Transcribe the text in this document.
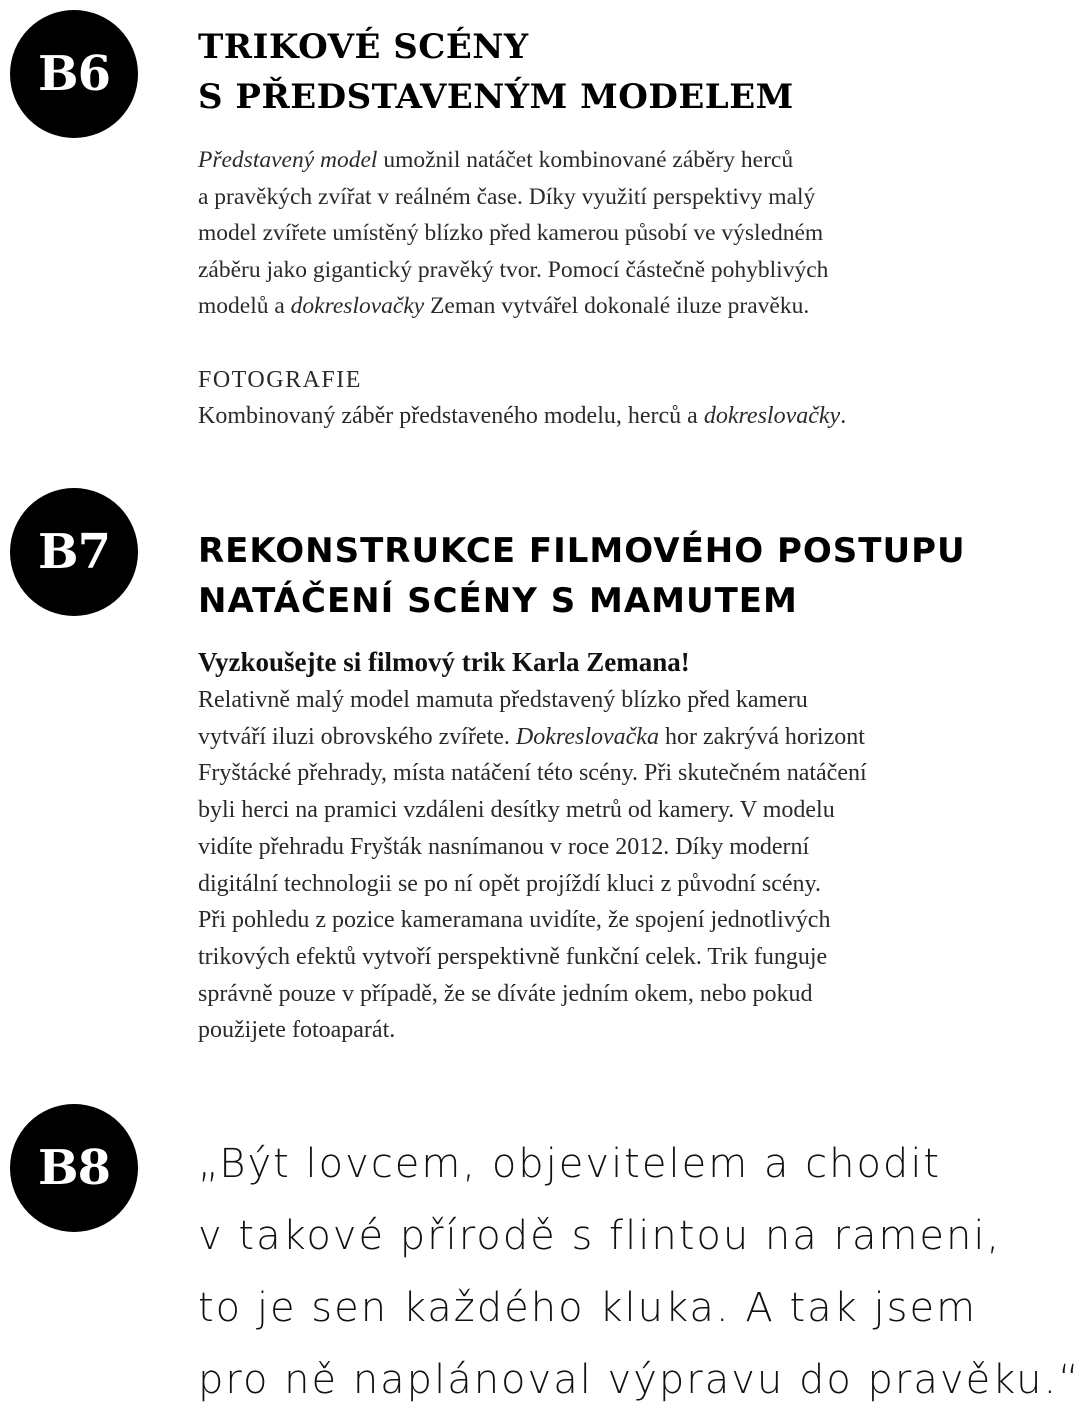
B6	TRIKOVÉ SCÉNY
S PŘEDSTAVENÝM MODELEM
Představený model umožnil natáčet kombinované záběry herců
a pravěkých zvířat v reálném čase. Díky využití perspektivy malý
model zvířete umístěný blízko před kamerou působí ve výsledném
záběru jako gigantický pravěký tvor. Pomocí částečně pohyblivých
modelů a dokreslovačky Zeman vytvářel dokonalé iluze pravěku.
FOTOGRAFIE
Kombinovaný záběr představeného modelu, herců a dokreslovačky.
B7	REKONSTRUKCE FILMOVÉHO POSTUPU
NATÁČENÍ SCÉNY S MAMUTEM
Vyzkoušejte si filmový trik Karla Zemana!
Relativně malý model mamuta představený blízko před kameru
vytváří iluzi obrovského zvířete. Dokreslovačka hor zakrývá horizont
Fryštácké přehrady, místa natáčení této scény. Při skutečném natáčení
byli herci na pramici vzdáleni desítky metrů od kamery. V modelu
vidíte přehradu Fryšták nasnímanou v roce 2012. Díky moderní
digitální technologii se po ní opět projíždí kluci z původní scény.
Při pohledu z pozice kameramana uvidíte, že spojení jednotlivých
trikových efektů vytvoří perspektivně funkční celek. Trik funguje
správně pouze v případě, že se díváte jedním okem, nebo pokud
použijete fotoaparát.
B8	„Být lovcem, objevitelem a chodit
v takové přírodě s flintou na rameni,
to je sen každého kluka. A tak jsem
pro ně naplánoval výpravu do pravěku.“
